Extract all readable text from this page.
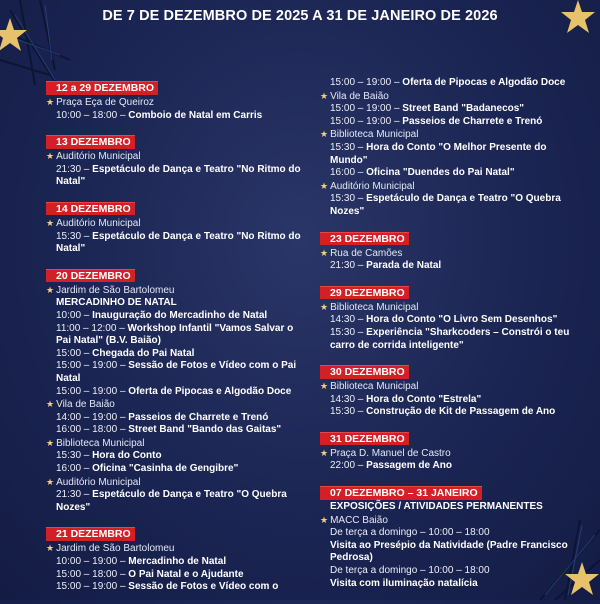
DE 7 DE DEZEMBRO DE 2025 A 31 DE JANEIRO DE 2026
12 a 29 DEZEMBRO
★ Praça Eça de Queiroz
10:00 – 18:00 – Comboio de Natal em Carris
13 DEZEMBRO
★ Auditório Municipal
21:30 – Espetáculo de Dança e Teatro "No Ritmo do Natal"
14 DEZEMBRO
★ Auditório Municipal
15:30 – Espetáculo de Dança e Teatro "No Ritmo do Natal"
20 DEZEMBRO
★ Jardim de São Bartolomeu
MERCADINHO DE NATAL
10:00 – Inauguração do Mercadinho de Natal
11:00 – 12:00 – Workshop Infantil "Vamos Salvar o Pai Natal" (B.V. Baião)
15:00 – Chegada do Pai Natal
15:00 – 19:00 – Sessão de Fotos e Vídeo com o Pai Natal
15:00 – 19:00 – Oferta de Pipocas e Algodão Doce
★ Vila de Baião
14:00 – 19:00 – Passeios de Charrete e Trenó
16:00 – 18:00 – Street Band "Bando das Gaitas"
★ Biblioteca Municipal
15:30 – Hora do Conto
16:00 – Oficina "Casinha de Gengibre"
★ Auditório Municipal
21:30 – Espetáculo de Dança e Teatro "O Quebra Nozes"
21 DEZEMBRO
★ Jardim de São Bartolomeu
10:00 – 19:00 – Mercadinho de Natal
15:00 – 18:00 – O Pai Natal e o Ajudante
15:00 – 19:00 – Sessão de Fotos e Vídeo com o
15:00 – 19:00 – Oferta de Pipocas e Algodão Doce
★ Vila de Baião
15:00 – 19:00 – Street Band "Badanecos"
15:00 – 19:00 – Passeios de Charrete e Trenó
★ Biblioteca Municipal
15:30 – Hora do Conto "O Melhor Presente do Mundo"
16:00 – Oficina "Duendes do Pai Natal"
★ Auditório Municipal
15:30 – Espetáculo de Dança e Teatro "O Quebra Nozes"
23 DEZEMBRO
★ Rua de Camões
21:30 – Parada de Natal
29 DEZEMBRO
★ Biblioteca Municipal
14:30 – Hora do Conto "O Livro Sem Desenhos"
15:30 – Experiência "Sharkcoders – Constrói o teu carro de corrida inteligente"
30 DEZEMBRO
★ Biblioteca Municipal
14:30 – Hora do Conto "Estrela"
15:30 – Construção de Kit de Passagem de Ano
31 DEZEMBRO
★ Praça D. Manuel de Castro
22:00 – Passagem de Ano
07 DEZEMBRO – 31 JANEIRO
EXPOSIÇÕES / ATIVIDADES PERMANENTES
★ MACC Baião
De terça a domingo – 10:00 – 18:00
Visita ao Presépio da Natividade (Padre Francisco Pedrosa)
De terça a domingo – 10:00 – 18:00
Visita com iluminação natalícia
